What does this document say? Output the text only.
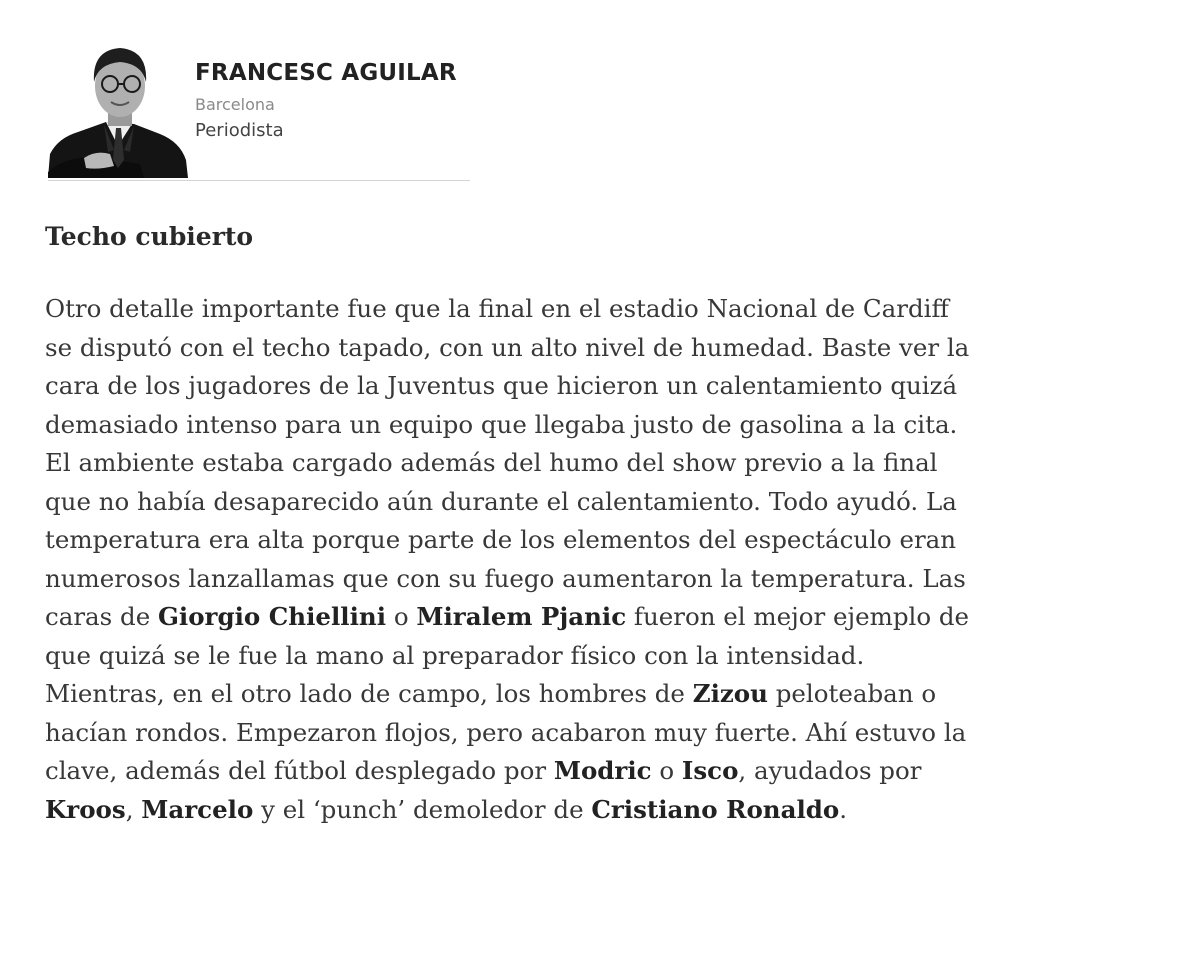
FRANCESC AGUILAR
Barcelona
Periodista
Techo cubierto
Otro detalle importante fue que la final en el estadio Nacional de Cardiff
se disputó con el techo tapado, con un alto nivel de humedad. Baste ver la
cara de los jugadores de la Juventus que hicieron un calentamiento quizá
demasiado intenso para un equipo que llegaba justo de gasolina a la cita.
El ambiente estaba cargado además del humo del show previo a la final
que no había desaparecido aún durante el calentamiento. Todo ayudó. La
temperatura era alta porque parte de los elementos del espectáculo eran
numerosos lanzallamas que con su fuego aumentaron la temperatura. Las
caras de Giorgio Chiellini o Miralem Pjanic fueron el mejor ejemplo de
que quizá se le fue la mano al preparador físico con la intensidad.
Mientras, en el otro lado de campo, los hombres de Zizou peloteaban o
hacían rondos. Empezaron flojos, pero acabaron muy fuerte. Ahí estuvo la
clave, además del fútbol desplegado por Modric o Isco, ayudados por
Kroos, Marcelo y el ‘punch’ demoledor de Cristiano Ronaldo.
